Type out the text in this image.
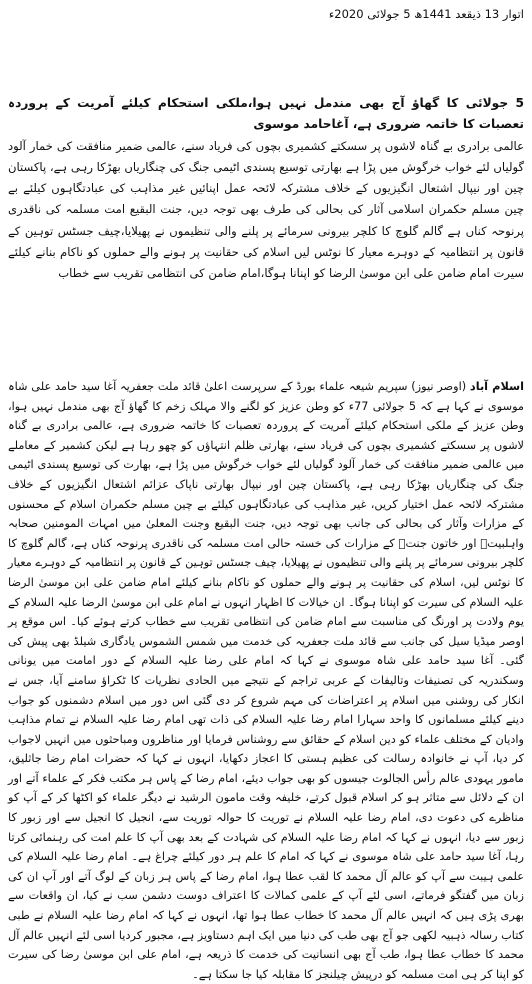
اتوار 13 ذیقعد 1441ھ 5 جولائی 2020ء
5 جولائی کا گھاؤ آج بھی مندمل نہیں ہوا،ملکی استحکام کیلئے آمریت کے پروردہ تعصبات کا خاتمہ ضروری ہے، آغاحامد موسوی
عالمی برادری بے گناہ لاشوں پر سسکتے کشمیری بچوں کی فریاد سنے، عالمی ضمیر منافقت کی خمار آلود گولیاں لئے خواب خرگوش میں پڑا ہے بھارتی توسیع پسندی اٹیمی جنگ کی چنگاریاں بھڑکا رہی ہے، پاکستان چین اور نیپال اشتعال انگیزیوں کے خلاف مشترکہ لائحہ عمل اپنائیں غیر مذاہب کی عبادتگاہوں کیلئے بے چین مسلم حکمران اسلامی آثار کی بحالی کی طرف بھی توجہ دیں، جنت البقیع امت مسلمہ کی ناقدری پرنوحہ کناں ہے گالم گلوچ کا کلچر بیرونی سرمائے پر پلنے والی تنظیموں نے پھیلایا،چیف جسٹس توہین کے قانون پر انتظامیہ کے دوہرے معیار کا نوٹس لیں اسلام کی حقانیت پر ہونے والے حملوں کو ناکام بنانے کیلئے سیرت امام ضامن علی ابن موسیٰ الرضا کو اپنانا ہوگا،امام ضامن کی انتظامی تقریب سے خطاب

اسلام آباد (اوصر نیوز) سپریم شیعہ علماء بورڈ کے سرپرست اعلیٰ قائد ملت جعفریہ آغا سید حامد علی شاہ موسوی نے کہا ہے کہ 5 جولائی 77ء کو وطن عزیز کو لگنے والا مہلک زخم کا گھاؤ آج بھی مندمل نہیں ہوا، وطن عزیز کے ملکی استحکام کیلئے آمریت کے پروردہ تعصبات کا خاتمہ ضروری ہے، عالمی برادری بے گناہ لاشوں پر سسکتے کشمیری بچوں کی فریاد سنے، بھارتی ظلم انتہاؤں کو چھو رہا ہے لیکن کشمیر کے معاملے میں عالمی ضمیر منافقت کی خمار آلود گولیاں لئے خواب خرگوش میں پڑا ہے، بھارت کی توسیع پسندی اٹیمی جنگ کی چنگاریاں بھڑکا رہی ہے، پاکستان چین اور نیپال بھارتی ناپاک عزائم اشتعال انگیزیوں کے خلاف مشترکہ لائحہ عمل اختیار کریں، غیر مذاہب کی عبادتگاہوں کیلئے بے چین مسلم حکمران اسلام کے محسنوں کے مزارات وآثار کی بحالی کی جانب بھی توجہ دیں، جنت البقیع وجنت المعلیٰ میں امہات المومنین صحابہ واہلبیتؑ اور خاتون جنتؑ کے مزارات کی خستہ حالی امت مسلمہ کی ناقدری پرنوحہ کناں ہے، گالم گلوچ کا کلچر بیرونی سرمائے پر پلنے والی تنظیموں نے پھیلایا، چیف جسٹس توہین کے قانون پر انتظامیہ کے دوہرے معیار کا نوٹس لیں، اسلام کی حقانیت پر ہونے والے حملوں کو ناکام بنانے کیلئے امام ضامن علی ابن موسیٰ الرضا علیہ السلام کی سیرت کو اپنانا ہوگا۔ ان خیالات کا اظہار انہوں نے امام علی ابن موسیٰ الرضا علیہ السلام کے یوم ولادت پر اورنگ کی مناسبت سے امام ضامن کی انتظامی تقریب سے خطاب کرتے ہوئے کیا۔ اس موقع پر اوصر میڈیا سیل کی جانب سے قائد ملت جعفریہ کی خدمت میں شمس الشموس یادگاری شیلڈ بھی پیش کی گئی۔ آغا سید حامد علی شاہ موسوی نے کہا کہ امام علی رضا علیہ السلام کے دور امامت میں یونانی وسکندریہ کی تصنیفات وتالیفات کے عربی تراجم کے نتیجے میں الحادی نظریات کا ٹکراؤ سامنے آیا، جس نے انکار کی روشنی میں اسلام پر اعتراضات کی مہم شروع کر دی گئی اس دور میں اسلام دشمنوں کو جواب دینے کیلئے مسلمانوں کا واحد سہارا امام رضا علیہ السلام کی ذات تھی امام رضا علیہ السلام نے تمام مذاہب وادیان کے مختلف علماء کو دین اسلام کے حقائق سے روشناس فرمایا اور مناظروں ومباحثوں میں انہیں لاجواب کر دیا، آپ نے خانوادہ رسالت کی عظیم ہستی کا اعجاز دکھایا، انہوں نے کہا کہ حضرات امام رضا جاثلیق، مامور یہودی عالم رأس الجالوت جیسوں کو بھی جواب دیئے، امام رضا کے پاس ہر مکتب فکر کے علماء آتے اور ان کے دلائل سے متاثر ہو کر اسلام قبول کرتے، خلیفہ وقت مامون الرشید نے دیگر علماء کو اکٹھا کر کے آپ کو مناظرے کی دعوت دی، امام رضا علیہ السلام نے توریت کا حوالہ توریت سے، انجیل کا انجیل سے اور زبور کا زبور سے دیا، انہوں نے کہا کہ امام رضا علیہ السلام کی شہادت کے بعد بھی آپ کا علم امت کی رہنمائی کرتا رہا، آغا سید حامد علی شاہ موسوی نے کہا کہ امام کا علم ہر دور کیلئے چراغ ہے۔ امام رضا علیہ السلام کی علمی ہیبت سے آپ کو عالم آل محمد کا لقب عطا ہوا، امام رضا کے پاس ہر زبان کے لوگ آتے اور آپ ان کی زبان میں گفتگو فرماتے، اسی لئے آپ کے علمی کمالات کا اعتراف دوست دشمن سب نے کیا، ان واقعات سے بھری پڑی ہیں کہ انہیں عالم آل محمد کا خطاب عطا ہوا تھا، انہوں نے کہا کہ امام رضا علیہ السلام نے طبی کتاب رسالہ ذہبیہ لکھی جو آج بھی طب کی دنیا میں ایک اہم دستاویز ہے، مجبور کردیا اسی لئے انہیں عالم آل محمد کا خطاب عطا ہوا، طب آج بھی انسانیت کی خدمت کا ذریعہ ہے، امام علی ابن موسیٰ رضا کی سیرت کو اپنا کر ہی امت مسلمہ کو درپیش چیلنجز کا مقابلہ کیا جا سکتا ہے۔
